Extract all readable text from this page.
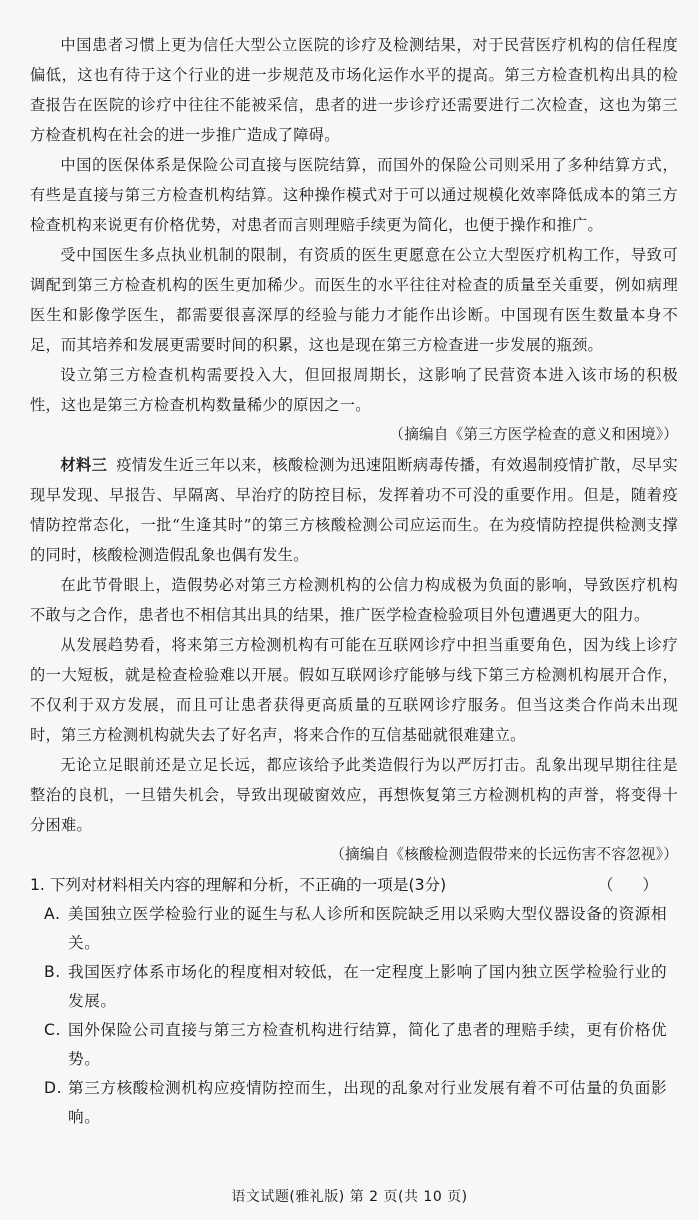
中国患者习惯上更为信任大型公立医院的诊疗及检测结果，对于民营医疗机构的信任程度偏低，这也有待于这个行业的进一步规范及市场化运作水平的提高。第三方检查机构出具的检查报告在医院的诊疗中往往不能被采信，患者的进一步诊疗还需要进行二次检查，这也为第三方检查机构在社会的进一步推广造成了障碍。

中国的医保体系是保险公司直接与医院结算，而国外的保险公司则采用了多种结算方式，有些是直接与第三方检查机构结算。这种操作模式对于可以通过规模化效率降低成本的第三方检查机构来说更有价格优势，对患者而言则理赔手续更为简化，也便于操作和推广。

受中国医生多点执业机制的限制，有资质的医生更愿意在公立大型医疗机构工作，导致可调配到第三方检查机构的医生更加稀少。而医生的水平往往对检查的质量至关重要，例如病理医生和影像学医生，都需要很喜深厚的经验与能力才能作出诊断。中国现有医生数量本身不足，而其培养和发展更需要时间的积累，这也是现在第三方检查进一步发展的瓶颈。

设立第三方检查机构需要投入大，但回报周期长，这影响了民营资本进入该市场的积极性，这也是第三方检查机构数量稀少的原因之一。

（摘编自《第三方医学检查的意义和困境》）

材料三 疫情发生近三年以来，核酸检测为迅速阻断病毒传播，有效遏制疫情扩散，尽早实现早发现、早报告、早隔离、早治疗的防控目标，发挥着功不可没的重要作用。但是，随着疫情防控常态化，一批“生逢其时”的第三方核酸检测公司应运而生。在为疫情防控提供检测支撑的同时，核酸检测造假乱象也偶有发生。

在此节骨眼上，造假势必对第三方检测机构的公信力构成极为负面的影响，导致医疗机构不敢与之合作，患者也不相信其出具的结果，推广医学检查检验项目外包遭遇更大的阻力。

从发展趋势看，将来第三方检测机构有可能在互联网诊疗中担当重要角色，因为线上诊疗的一大短板，就是检查检验难以开展。假如互联网诊疗能够与线下第三方检测机构展开合作，不仅利于双方发展，而且可让患者获得更高质量的互联网诊疗服务。但当这类合作尚未出现时，第三方检测机构就失去了好名声，将来合作的互信基础就很难建立。

无论立足眼前还是立足长远，都应该给予此类造假行为以严厉打击。乱象出现早期往往是整治的良机，一旦错失机会，导致出现破窗效应，再想恢复第三方检测机构的声誉，将变得十分困难。

（摘编自《核酸检测造假带来的长远伤害不容忽视》）

1. 下列对材料相关内容的理解和分析，不正确的一项是(3分)	（ ）

A. 美国独立医学检验行业的诞生与私人诊所和医院缺乏用以采购大型仪器设备的资源相关。

B. 我国医疗体系市场化的程度相对较低，在一定程度上影响了国内独立医学检验行业的发展。

C. 国外保险公司直接与第三方检查机构进行结算，简化了患者的理赔手续，更有价格优势。

D. 第三方核酸检测机构应疫情防控而生，出现的乱象对行业发展有着不可估量的负面影响。

语文试题(雅礼版) 第 2 页(共 10 页)
